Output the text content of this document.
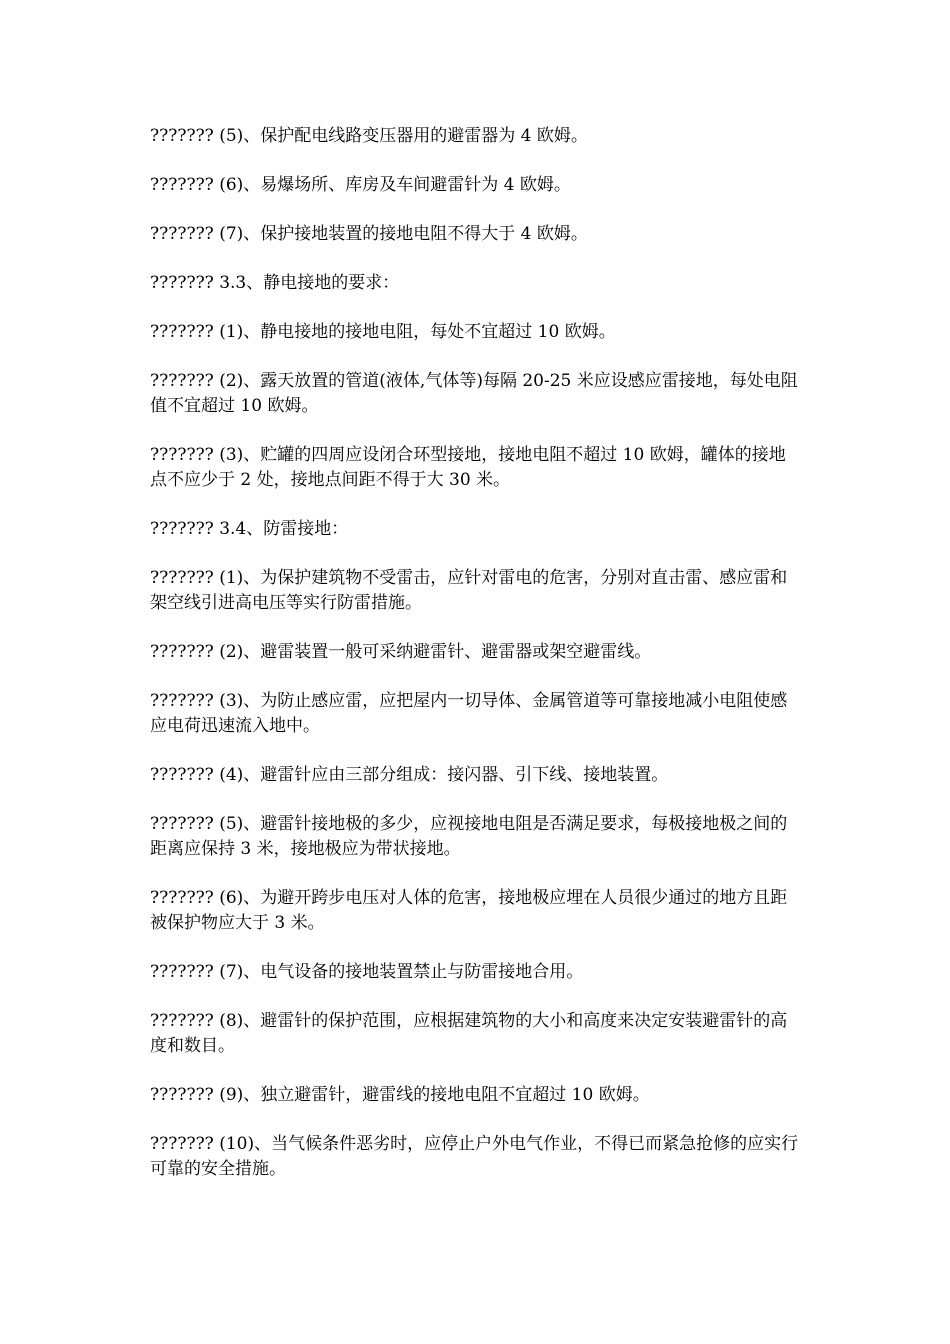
??????? (5)、保护配电线路变压器用的避雷器为 4 欧姆。

??????? (6)、易爆场所、库房及车间避雷针为 4 欧姆。

??????? (7)、保护接地装置的接地电阻不得大于 4 欧姆。

??????? 3.3、静电接地的要求：

??????? (1)、静电接地的接地电阻，每处不宜超过 10 欧姆。

??????? (2)、露天放置的管道(液体,气体等)每隔 20-25 米应设感应雷接地，每处电阻值不宜超过 10 欧姆。

??????? (3)、贮罐的四周应设闭合环型接地，接地电阻不超过 10 欧姆，罐体的接地点不应少于 2 处，接地点间距不得于大 30 米。

??????? 3.4、防雷接地：

??????? (1)、为保护建筑物不受雷击，应针对雷电的危害，分别对直击雷、感应雷和架空线引进高电压等实行防雷措施。

??????? (2)、避雷装置一般可采纳避雷针、避雷器或架空避雷线。

??????? (3)、为防止感应雷，应把屋内一切导体、金属管道等可靠接地减小电阻使感应电荷迅速流入地中。

??????? (4)、避雷针应由三部分组成：接闪器、引下线、接地装置。

??????? (5)、避雷针接地极的多少，应视接地电阻是否满足要求，每极接地极之间的距离应保持 3 米，接地极应为带状接地。

??????? (6)、为避开跨步电压对人体的危害，接地极应埋在人员很少通过的地方且距被保护物应大于 3 米。

??????? (7)、电气设备的接地装置禁止与防雷接地合用。

??????? (8)、避雷针的保护范围，应根据建筑物的大小和高度来决定安装避雷针的高度和数目。

??????? (9)、独立避雷针，避雷线的接地电阻不宜超过 10 欧姆。

??????? (10)、当气候条件恶劣时，应停止户外电气作业，不得已而紧急抢修的应实行可靠的安全措施。
